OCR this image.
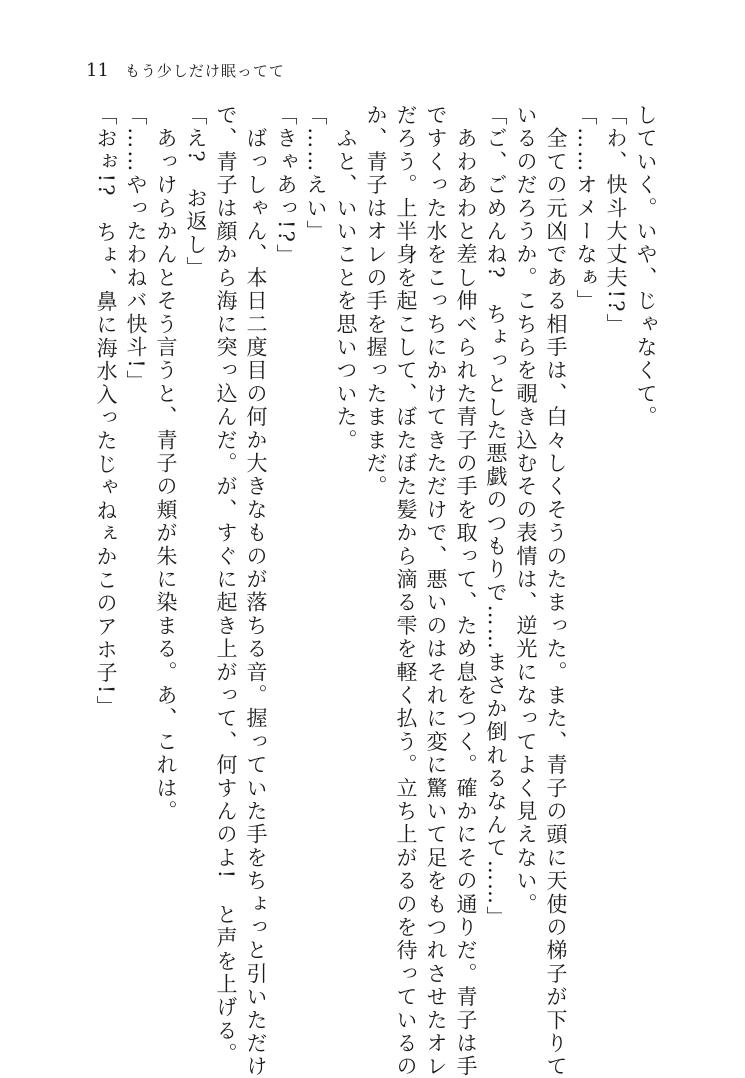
11 もう少しだけ眠ってて
していく。いや、じゃなくて。
「わ、快斗大丈夫!?」
「……オメーなぁ」
　全ての元凶である相手は、白々しくそうのたまった。また、青子の頭に天使の梯子が下りて
いるのだろうか。こちらを覗き込むその表情は、逆光になってよく見えない。
「ご、ごめんね?　ちょっとした悪戯のつもりで……まさか倒れるなんて……」
　あわあわと差し伸べられた青子の手を取って、ため息をつく。確かにその通りだ。青子は手
ですくった水をこっちにかけてきただけで、悪いのはそれに変に驚いて足をもつれさせたオレ
だろう。上半身を起こして、ぼたぼた髪から滴る雫を軽く払う。立ち上がるのを待っているの
か、青子はオレの手を握ったままだ。
　ふと、いいことを思いついた。
「……えい」
「きゃあっ!?」
　ばっしゃん、本日二度目の何か大きなものが落ちる音。握っていた手をちょっと引いただけ
で、青子は顔から海に突っ込んだ。が、すぐに起き上がって、何すんのよ!　と声を上げる。
「え?　お返し」
　あっけらかんとそう言うと、青子の頬が朱に染まる。あ、これは。
「……やったわねバ快斗!」
「おぉ!?　ちょ、鼻に海水入ったじゃねぇかこのアホ子!」
